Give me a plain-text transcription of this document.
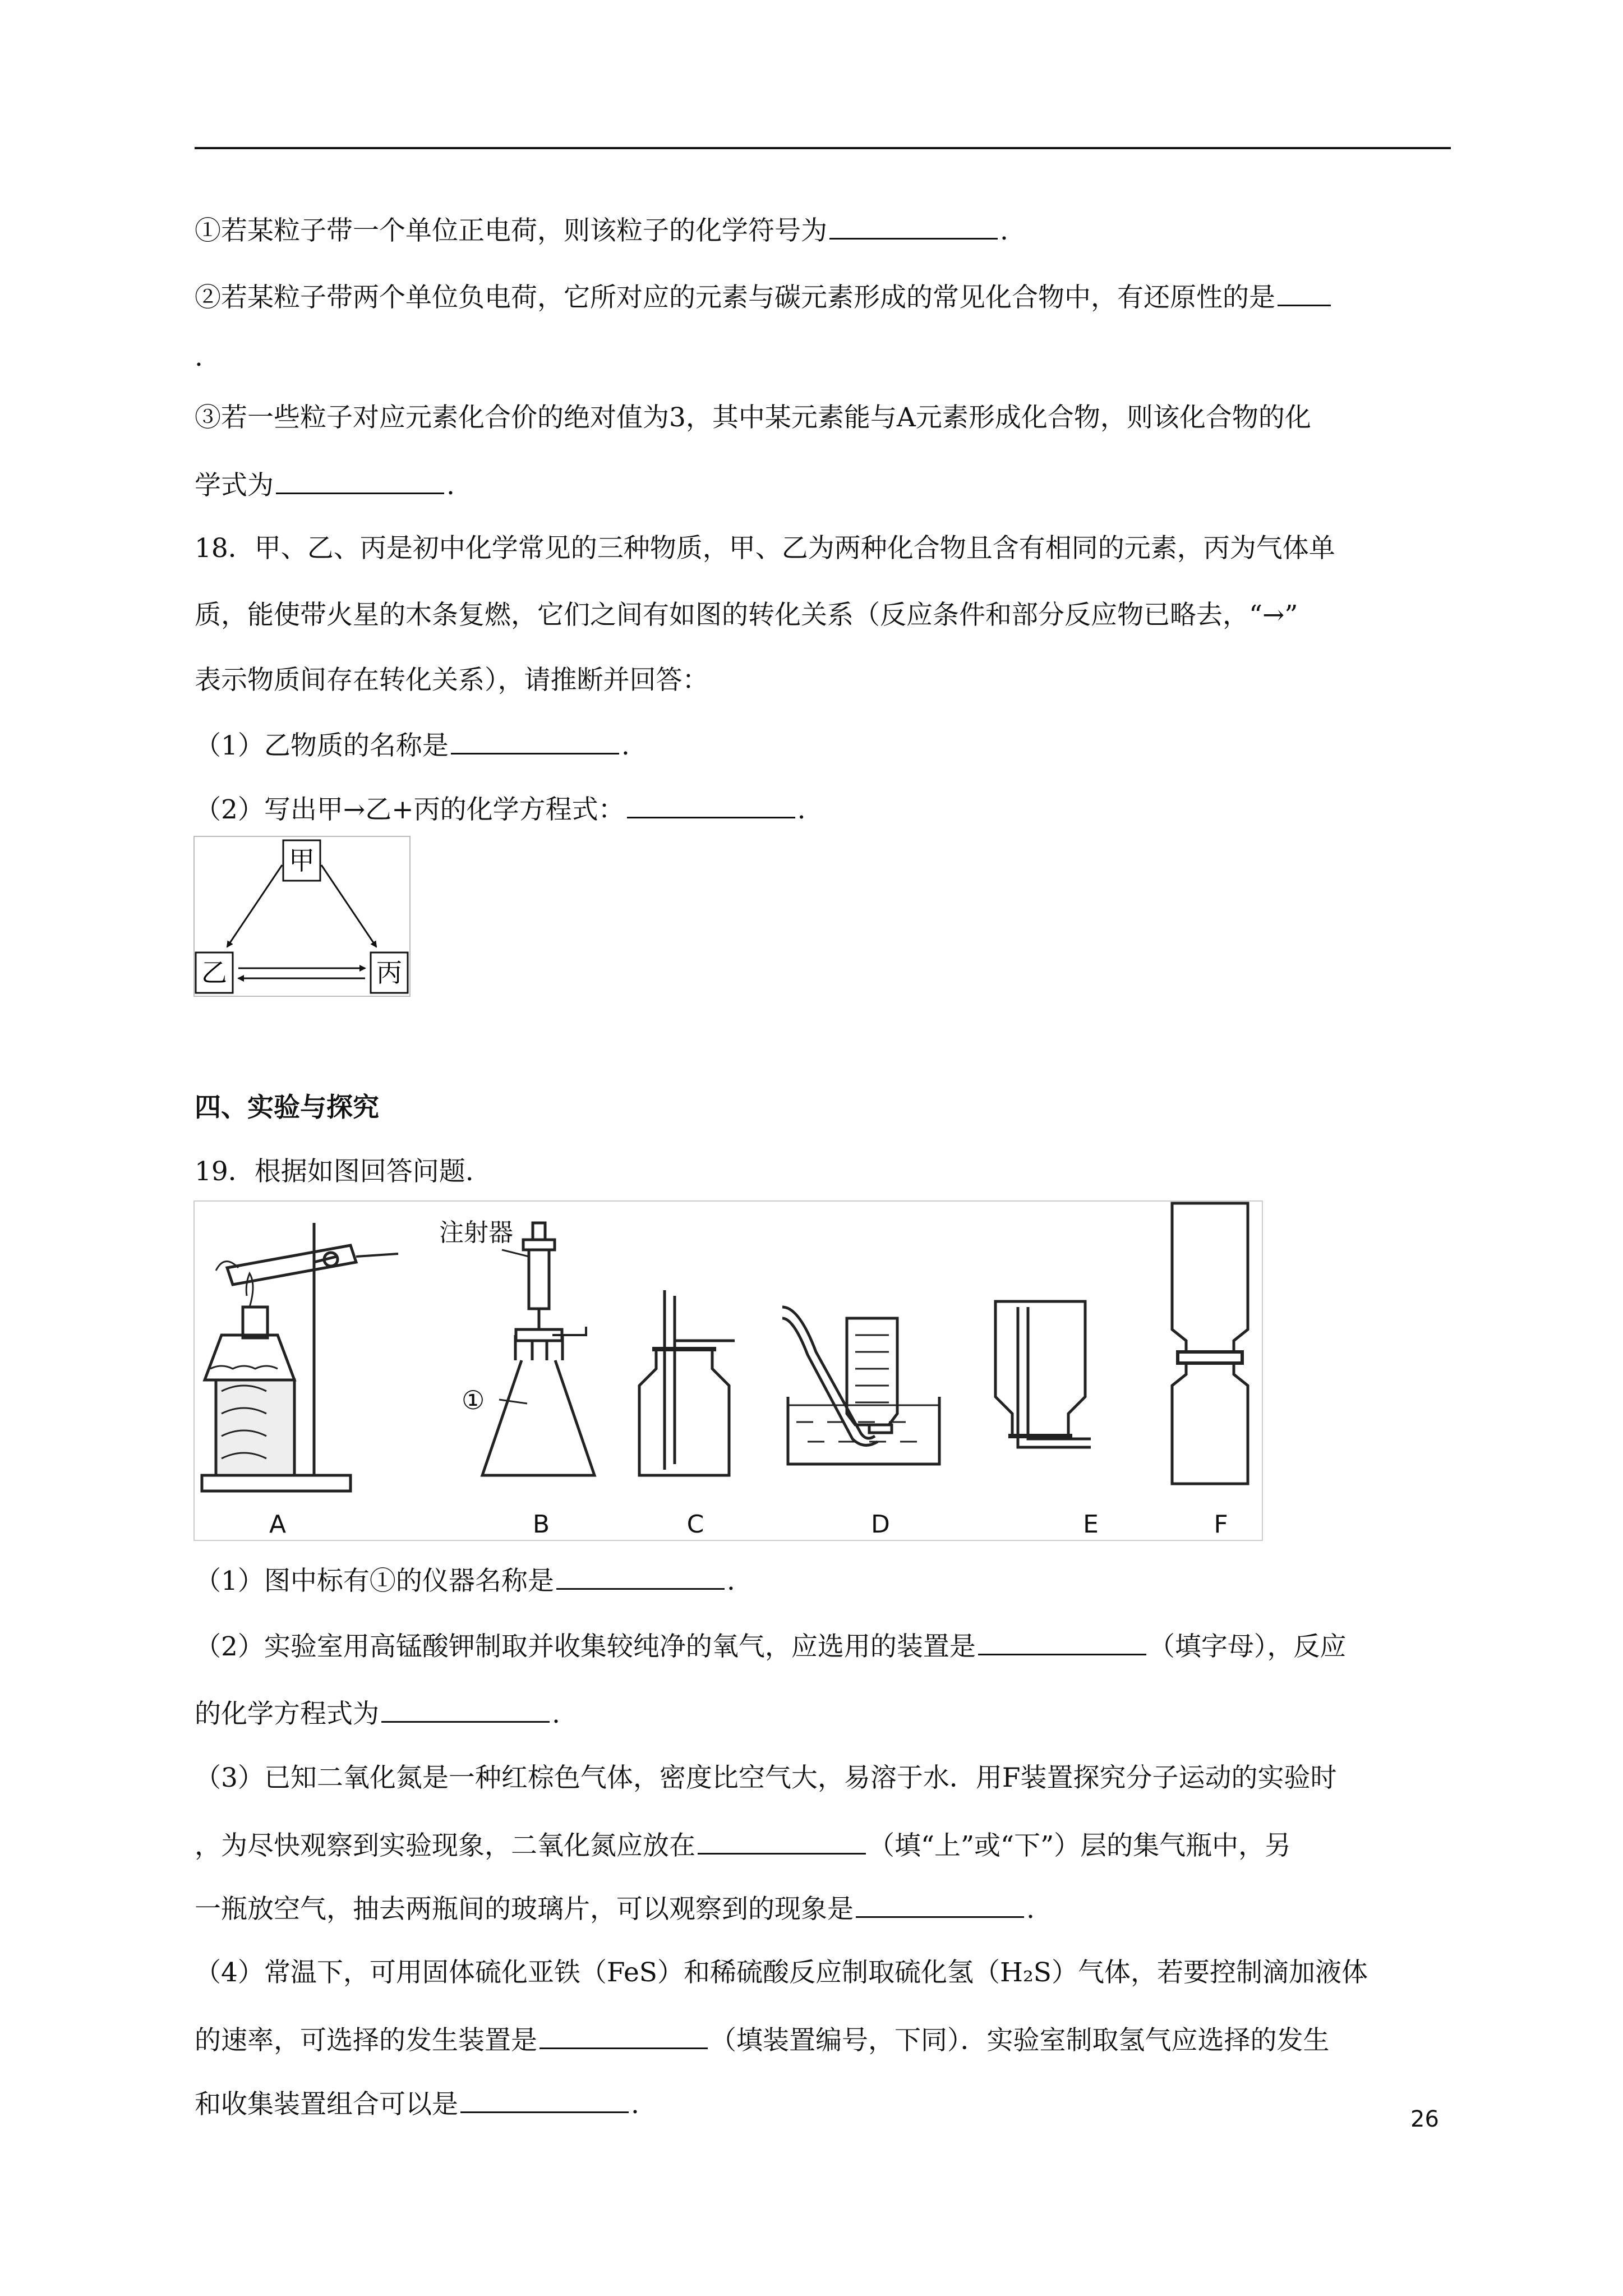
①若某粒子带一个单位正电荷，则该粒子的化学符号为	.
②若某粒子带两个单位负电荷，它所对应的元素与碳元素形成的常见化合物中，有还原性的是
.
③若一些粒子对应元素化合价的绝对值为3，其中某元素能与A元素形成化合物，则该化合物的化
学式为	.
18．甲、乙、丙是初中化学常见的三种物质，甲、乙为两种化合物且含有相同的元素，丙为气体单
质，能使带火星的木条复燃，它们之间有如图的转化关系（反应条件和部分反应物已略去，“→”
表示物质间存在转化关系），请推断并回答：
（1）乙物质的名称是	.
（2）写出甲→乙+丙的化学方程式：	.
甲
乙	丙
四、实验与探究
19．根据如图回答问题.
注射器
①
A	B	C	D	E	F
（1）图中标有①的仪器名称是	.
（2）实验室用高锰酸钾制取并收集较纯净的氧气，应选用的装置是	（填字母），反应
的化学方程式为	.
（3）已知二氧化氮是一种红棕色气体，密度比空气大，易溶于水．用F装置探究分子运动的实验时
，为尽快观察到实验现象，二氧化氮应放在	（填“上”或“下”）层的集气瓶中，另
一瓶放空气，抽去两瓶间的玻璃片，可以观察到的现象是	.
（4）常温下，可用固体硫化亚铁（FeS）和稀硫酸反应制取硫化氢（H₂S）气体，若要控制滴加液体
的速率，可选择的发生装置是	（填装置编号，下同）．实验室制取氢气应选择的发生
和收集装置组合可以是	.	26
